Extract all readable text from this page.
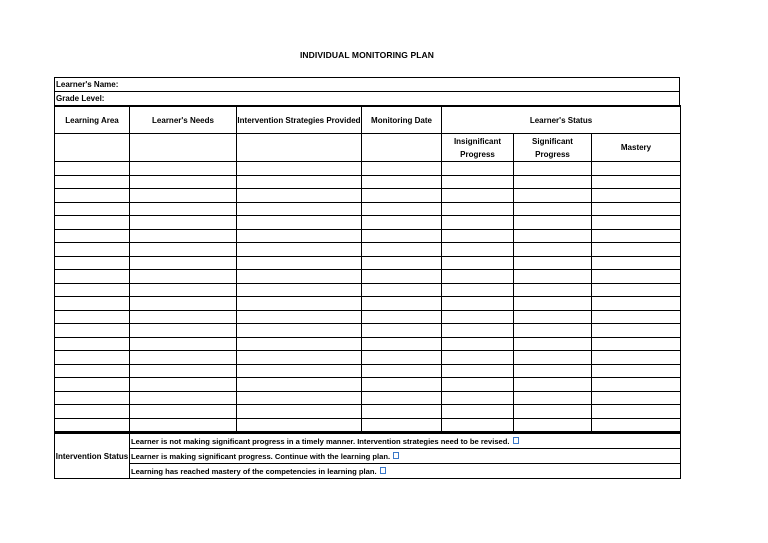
INDIVIDUAL MONITORING PLAN
Learner's Name:
Grade Level:
Learning Area	Learner's Needs	Intervention Strategies Provided	Monitoring Date	Learner's Status		
				Insignificant Progress	Significant Progress	Mastery

Intervention Status	Learner is not making significant progress in a timely manner. Intervention strategies need to be revised.
Learner is making significant progress. Continue with the learning plan.
Learning has reached mastery of the competencies in learning plan.
